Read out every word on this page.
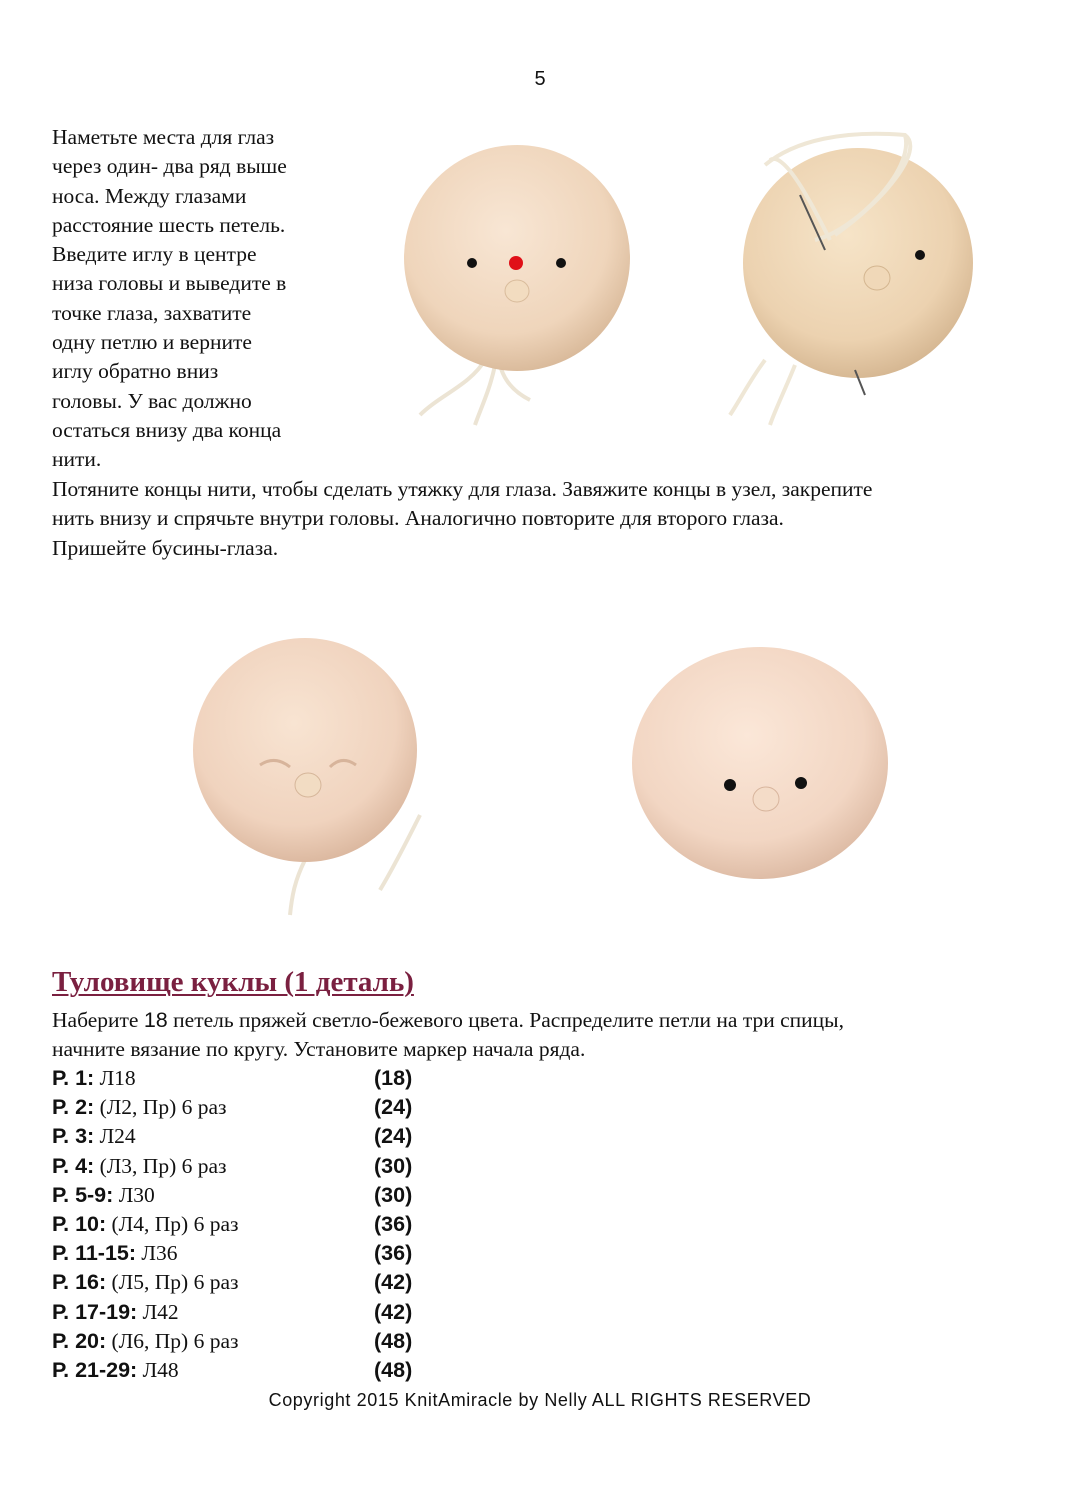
5
Наметьте места для глаз
через один- два ряд выше
носа. Между глазами
расстояние шесть петель.
Введите иглу в центре
низа головы и выведите в
точке глаза, захватите
одну петлю и верните
иглу обратно вниз
головы. У вас должно
остаться внизу два конца
нити.
Потяните концы нити, чтобы сделать утяжку для глаза. Завяжите концы в узел, закрепите
нить внизу и спрячьте внутри головы. Аналогично повторите для второго глаза.
Пришейте бусины-глаза.
Туловище куклы (1 деталь)
Наберите 18 петель пряжей светло-бежевого цвета. Распределите петли на три спицы,
начните вязание по кругу. Установите маркер начала ряда.
Р. 1: Л18	(18)
Р. 2: (Л2, Пр) 6 раз	(24)
Р. 3: Л24	(24)
Р. 4: (Л3, Пр) 6 раз	(30)
Р. 5-9: Л30	(30)
Р. 10: (Л4, Пр) 6 раз	(36)
Р. 11-15: Л36	(36)
Р. 16: (Л5, Пр) 6 раз	(42)
Р. 17-19: Л42	(42)
Р. 20: (Л6, Пр) 6 раз	(48)
Р. 21-29: Л48	(48)
Copyright 2015 KnitAmiracle by Nelly ALL RIGHTS RESERVED
